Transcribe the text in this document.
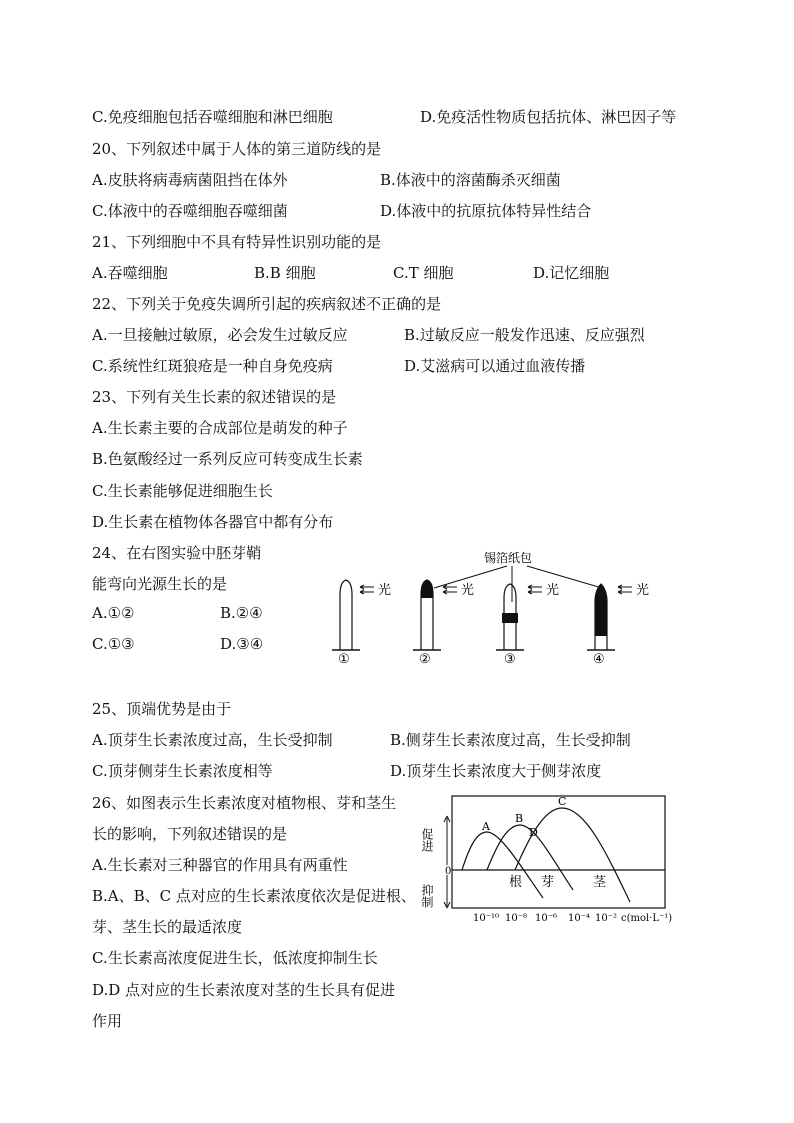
C.免疫细胞包括吞噬细胞和淋巴细胞	D.免疫活性物质包括抗体、淋巴因子等
20、下列叙述中属于人体的第三道防线的是
A.皮肤将病毒病菌阻挡在体外	B.体液中的溶菌酶杀灭细菌
C.体液中的吞噬细胞吞噬细菌	D.体液中的抗原抗体特异性结合
21、下列细胞中不具有特异性识别功能的是
A.吞噬细胞	B.B 细胞	C.T 细胞	D.记忆细胞
22、下列关于免疫失调所引起的疾病叙述不正确的是
A.一旦接触过敏原，必会发生过敏反应	B.过敏反应一般发作迅速、反应强烈
C.系统性红斑狼疮是一种自身免疫病	D.艾滋病可以通过血液传播
23、下列有关生长素的叙述错误的是
A.生长素主要的合成部位是萌发的种子
B.色氨酸经过一系列反应可转变成生长素
C.生长素能够促进细胞生长
D.生长素在植物体各器官中都有分布
24、在右图实验中胚芽鞘
能弯向光源生长的是
A.①②	B.②④
C.①③	D.③④
锡箔纸包
光
①
光
②
光
③
光
④
25、顶端优势是由于
A.顶芽生长素浓度过高，生长受抑制	B.侧芽生长素浓度过高，生长受抑制
C.顶芽侧芽生长素浓度相等	D.顶芽生长素浓度大于侧芽浓度
26、如图表示生长素浓度对植物根、芽和茎生
长的影响，下列叙述错误的是
A.生长素对三种器官的作用具有两重性
B.A、B、C 点对应的生长素浓度依次是促进根、
芽、茎生长的最适浓度
C.生长素高浓度促进生长，低浓度抑制生长
D.D 点对应的生长素浓度对茎的生长具有促进
作用
促进
抑制
0
A
B
C
D
根 芽	茎
10⁻¹⁰ 10⁻⁸ 10⁻⁶ 10⁻⁴ 10⁻² c(mol·L⁻¹)
